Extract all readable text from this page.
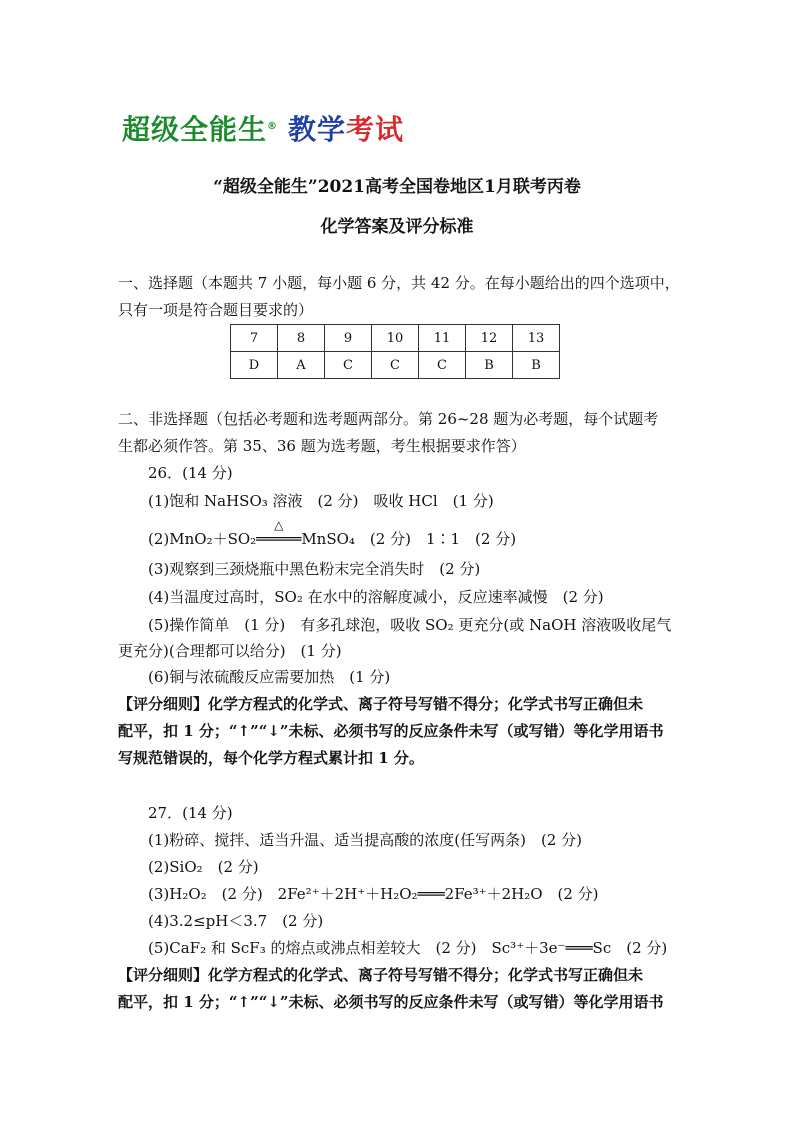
超级全能生® 教学考试
“超级全能生”2021高考全国卷地区1月联考丙卷
化学答案及评分标准
一、选择题（本题共 7 小题，每小题 6 分，共 42 分。在每小题给出的四个选项中，
只有一项是符合题目要求的）
7	8	9	10	11	12	13
D	A	C	C	C	B	B
二、非选择题（包括必考题和选考题两部分。第 26~28 题为必考题，每个试题考
生都必须作答。第 35、36 题为选考题，考生根据要求作答）
26．(14 分)
(1)饱和 NaHSO₃ 溶液　(2 分)　吸收 HCl　(1 分)
(2)MnO₂＋SO₂
△
═════MnSO₄　(2 分)　1∶1　(2 分)
(3)观察到三颈烧瓶中黑色粉末完全消失时　(2 分)
(4)当温度过高时，SO₂ 在水中的溶解度减小，反应速率减慢　(2 分)
(5)操作简单　(1 分)　有多孔球泡，吸收 SO₂ 更充分(或 NaOH 溶液吸收尾气
更充分)(合理都可以给分)　(1 分)
(6)铜与浓硫酸反应需要加热　(1 分)
【评分细则】化学方程式的化学式、离子符号写错不得分；化学式书写正确但未
配平，扣 1 分；“↑”“↓”未标、必须书写的反应条件未写（或写错）等化学用语书
写规范错误的，每个化学方程式累计扣 1 分。
27．(14 分)
(1)粉碎、搅拌、适当升温、适当提高酸的浓度(任写两条)　(2 分)
(2)SiO₂　(2 分)
(3)H₂O₂　(2 分)　2Fe²⁺＋2H⁺＋H₂O₂═══2Fe³⁺＋2H₂O　(2 分)
(4)3.2≤pH＜3.7　(2 分)
(5)CaF₂ 和 ScF₃ 的熔点或沸点相差较大　(2 分)　Sc³⁺＋3e⁻═══Sc　(2 分)
【评分细则】化学方程式的化学式、离子符号写错不得分；化学式书写正确但未
配平，扣 1 分；“↑”“↓”未标、必须书写的反应条件未写（或写错）等化学用语书
